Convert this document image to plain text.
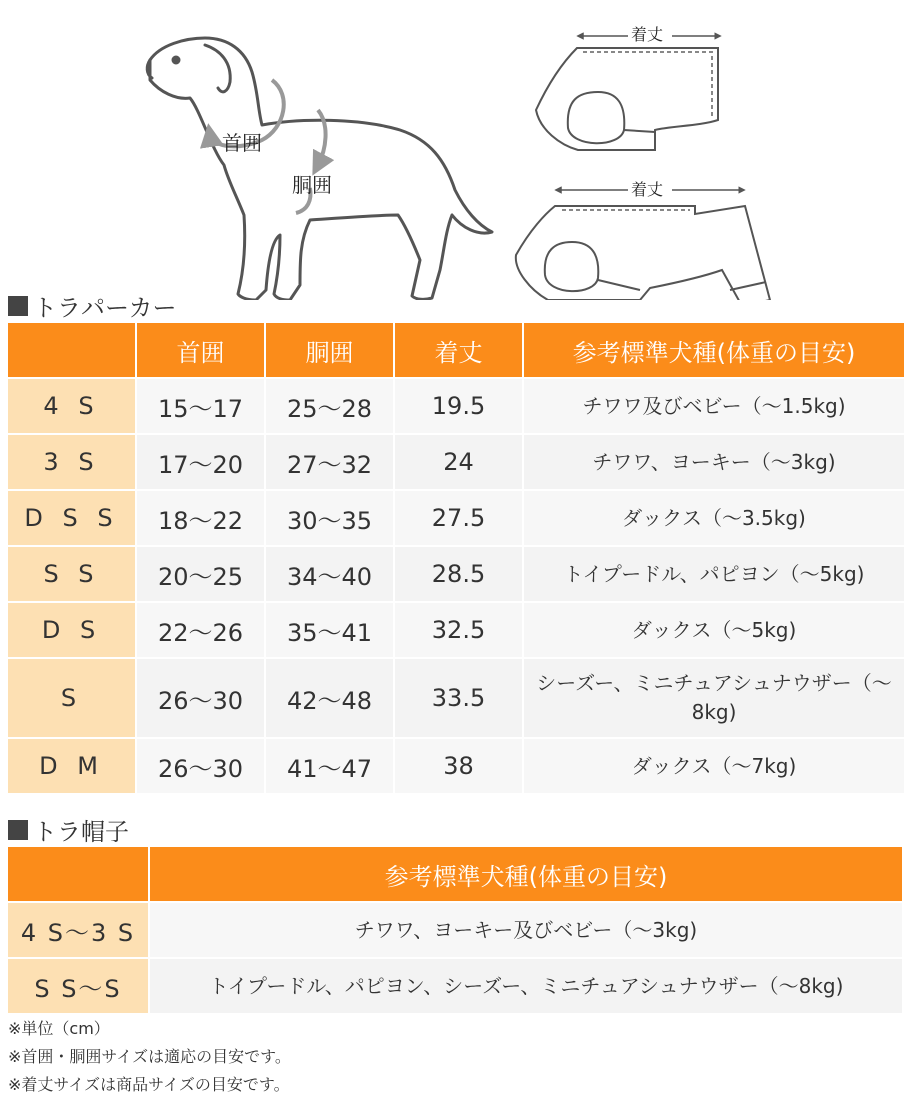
首囲
胴囲
着丈
着丈
トラパーカー
	首囲	胴囲	着丈	参考標準犬種(体重の目安)
4 S	15〜17	25〜28	19.5	チワワ及びベビー（〜1.5kg)
3 S	17〜20	27〜32	24	チワワ、ヨーキー（〜3kg)
D S S	18〜22	30〜35	27.5	ダックス（〜3.5kg)
S S	20〜25	34〜40	28.5	トイプードル、パピヨン（〜5kg)
D S	22〜26	35〜41	32.5	ダックス（〜5kg)
S	26〜30	42〜48	33.5	シーズー、ミニチュアシュナウザー（〜8kg)
D M	26〜30	41〜47	38	ダックス（〜7kg)
トラ帽子
	参考標準犬種(体重の目安)
4 S〜3 S	チワワ、ヨーキー及びベビー（〜3kg)
S S〜S	トイプードル、パピヨン、シーズー、ミニチュアシュナウザー（〜8kg)
※単位（cm）
※首囲・胴囲サイズは適応の目安です。
※着丈サイズは商品サイズの目安です。
